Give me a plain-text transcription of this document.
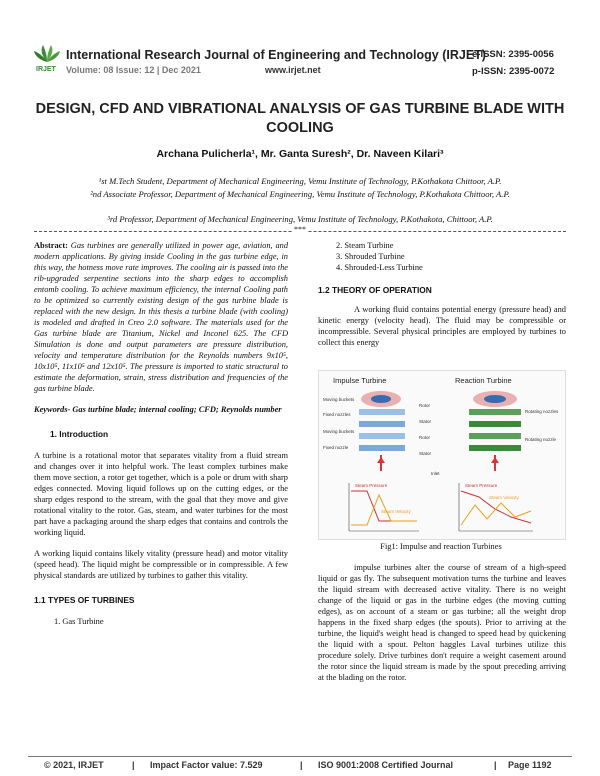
IRJET
International Research Journal of Engineering and Technology (IRJET)
Volume: 08 Issue: 12 | Dec 2021	www.irjet.net
e-ISSN: 2395-0056
p-ISSN: 2395-0072
DESIGN, CFD AND VIBRATIONAL ANALYSIS OF GAS TURBINE BLADE WITH COOLING
Archana Pulicherla¹, Mr. Ganta Suresh², Dr. Naveen Kilari³
¹st M.Tech Student, Department of Mechanical Engineering, Vemu Institute of Technology, P.Kothakota Chittoor, A.P.
²nd Associate Professor, Department of Mechanical Engineering, Vemu Institute of Technology, P.Kothakota Chittoor, A.P.
³rd Professor, Department of Mechanical Engineering, Vemu Institute of Technology, P.Kothakota, Chittoor, A.P.
***

Abstract: Gas turbines are generally utilized in power age, aviation, and modern applications. By giving inside Cooling in the gas turbine edge, in this way, the hotness move rate improves. The cooling air is passed into the rib-upgraded serpentine sections into the sharp edges to accomplish entomb cooling. To achieve maximum efficiency, the internal Cooling path to be optimized so currently existing design of the gas turbine blade is replaced with the new design. In this thesis a turbine blade (with cooling) is modeled and drafted in Creo 2.0 software. The materials used for the Gas turbine blade are Titanium, Nickel and Inconel 625. The CFD Simulation is done and output parameters are pressure distribution, velocity and temperature distribution for the Reynolds numbers 9x10⁵, 10x10⁵, 11x10⁵ and 12x10⁵. The pressure is imported to static structural to estimate the deformation, strain, stress distribution and frequencies of the gas turbine blade.

Keywords- Gas turbine blade; internal cooling; CFD; Reynolds number

1. Introduction

A turbine is a rotational motor that separates vitality from a fluid stream and changes over it into helpful work. The least complex turbines make them move section, a rotor get together, which is a pole or drum with sharp edges connected. Moving liquid follows up on the cutting edges, or the sharp edges respond to the stream, with the goal that they move and give rotational vitality to the rotor. Gas, steam, and water turbines for the most part have a packaging around the sharp edges that contains and controls the working liquid.

A working liquid contains likely vitality (pressure head) and motor vitality (speed head). The liquid might be compressible or in compressible. A few physical standards are utilized by turbines to gather this vitality.

1.1 TYPES OF TURBINES

1. Gas Turbine

2. Steam Turbine

3. Shrouded Turbine

4. Shrouded-Less Turbine

1.2 THEORY OF OPERATION

A working fluid contains potential energy (pressure head) and kinetic energy (velocity head). The fluid may be compressible or incompressible. Several physical principles are employed by turbines to collect this energy

Impulse Turbine	Reaction Turbine
Moving buckets
Fixed nozzles
Moving buckets
Fixed nozzle
Rotor
Stator
Rotor
Stator
Rotating nozzles
Rotating nozzle
Inlet
Steam Pressure
Steam Velocity
Steam Pressure
Steam Velocity
Fig1: Impulse and reaction Turbines

impulse turbines alter the course of stream of a high-speed liquid or gas fly. The subsequent motivation turns the turbine and leaves the liquid stream with decreased active vitality. There is no weight change of the liquid or gas in the turbine edges (the moving cutting edges), as on account of a steam or gas turbine; all the weight drop happens in the fixed sharp edges (the spouts). Prior to arriving at the turbine, the liquid's weight head is changed to speed head by quickening the liquid with a spout. Pelton haggles Laval turbines utilize this procedure solely. Drive turbines don't require a weight casement around the rotor since the liquid stream is made by the spout preceding arriving at the blading on the rotor.

© 2021, IRJET	| Impact Factor value: 7.529	| ISO 9001:2008 Certified Journal	| Page 1192
